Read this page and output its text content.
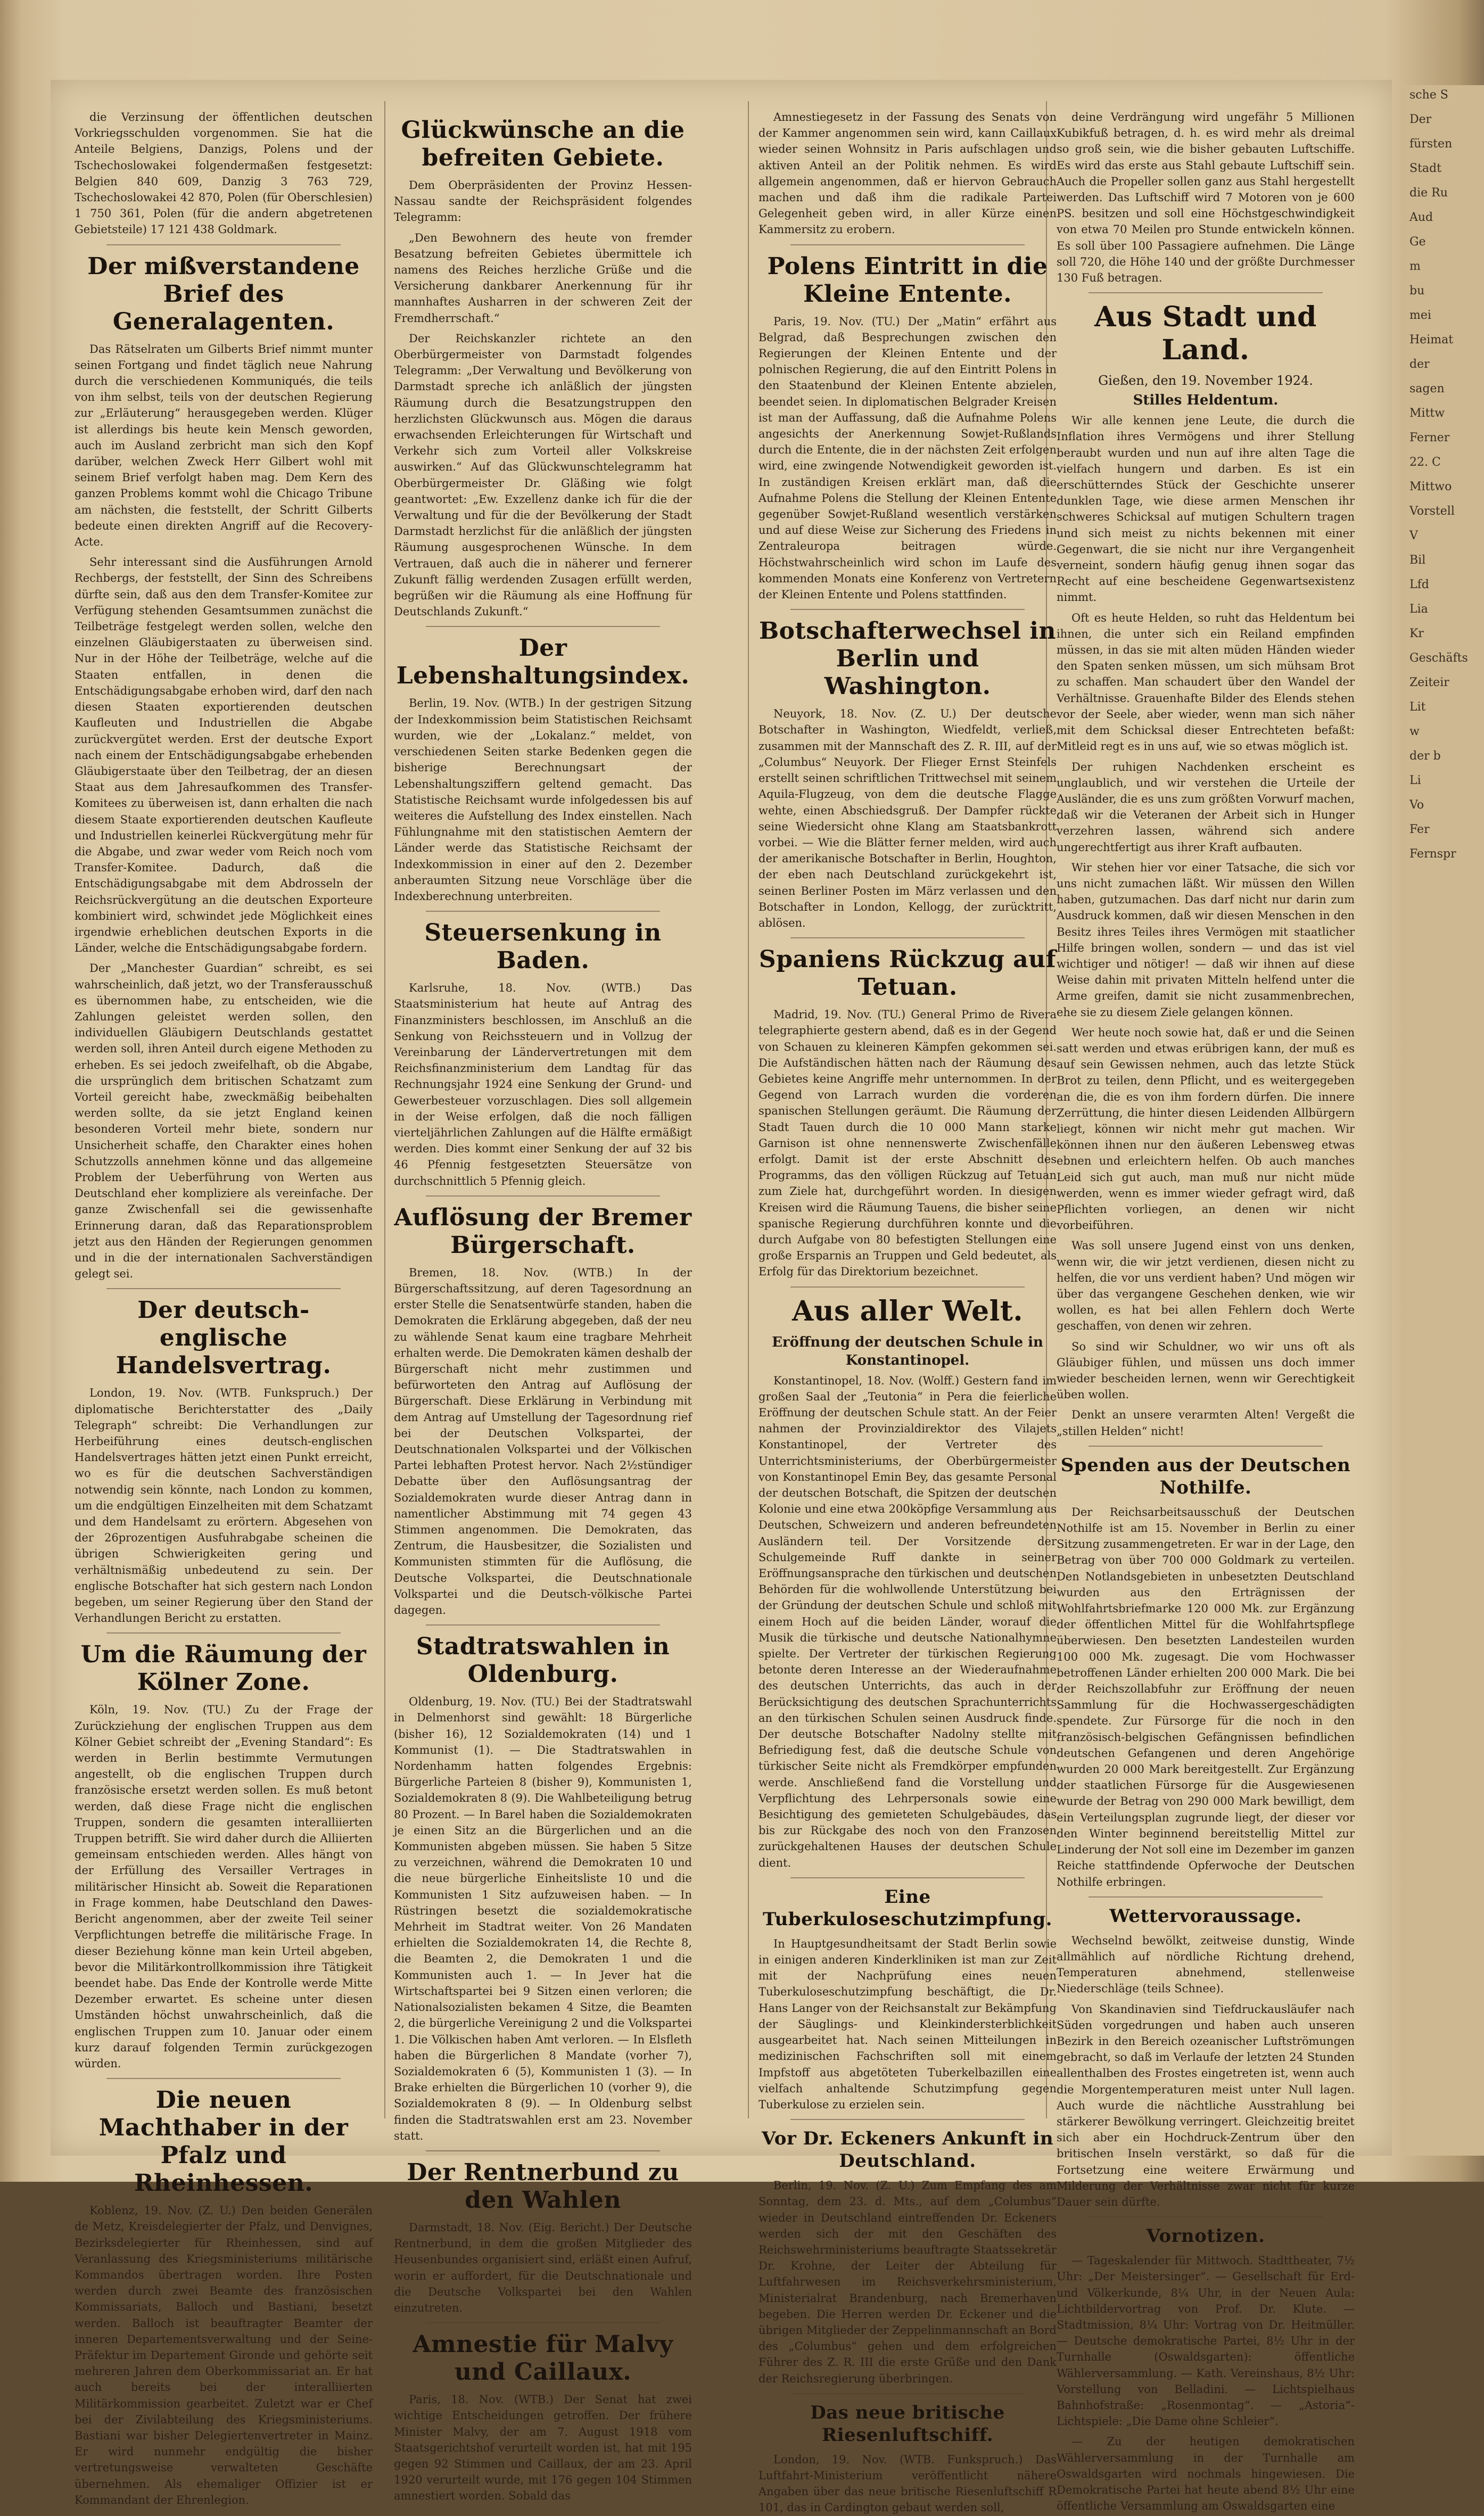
die Verzinsung der öffentlichen deutschen Vorkriegsschulden vorgenommen. Sie hat die Anteile Belgiens, Danzigs, Polens und der Tschechoslowakei folgendermaßen festgesetzt: Belgien 840 609, Danzig 3 763 729, Tschechoslowakei 42 870, Polen (für Oberschlesien) 1 750 361, Polen (für die andern abgetretenen Gebietsteile) 17 121 438 Goldmark.

Der mißverstandene Brief des Generalagenten.

Das Rätselraten um Gilberts Brief nimmt munter seinen Fortgang und findet täglich neue Nahrung durch die verschiedenen Kommuniqués, die teils von ihm selbst, teils von der deutschen Regierung zur „Erläuterung“ herausgegeben werden. Klüger ist allerdings bis heute kein Mensch geworden, auch im Ausland zerbricht man sich den Kopf darüber, welchen Zweck Herr Gilbert wohl mit seinem Brief verfolgt haben mag. Dem Kern des ganzen Problems kommt wohl die Chicago Tribune am nächsten, die feststellt, der Schritt Gilberts bedeute einen direkten Angriff auf die Recovery-Acte.

Sehr interessant sind die Ausführungen Arnold Rechbergs, der feststellt, der Sinn des Schreibens dürfte sein, daß aus den dem Transfer-Komitee zur Verfügung stehenden Gesamtsummen zunächst die Teilbeträge festgelegt werden sollen, welche den einzelnen Gläubigerstaaten zu überweisen sind. Nur in der Höhe der Teilbeträge, welche auf die Staaten entfallen, in denen die Entschädigungsabgabe erhoben wird, darf den nach diesen Staaten exportierenden deutschen Kaufleuten und Industriellen die Abgabe zurückvergütet werden. Erst der deutsche Export nach einem der Entschädigungsabgabe erhebenden Gläubigerstaate über den Teilbetrag, der an diesen Staat aus dem Jahresaufkommen des Transfer-Komitees zu überweisen ist, dann erhalten die nach diesem Staate exportierenden deutschen Kaufleute und Industriellen keinerlei Rückvergütung mehr für die Abgabe, und zwar weder vom Reich noch vom Transfer-Komitee. Dadurch, daß die Entschädigungsabgabe mit dem Abdrosseln der Reichsrückvergütung an die deutschen Exporteure kombiniert wird, schwindet jede Möglichkeit eines irgendwie erheblichen deutschen Exports in die Länder, welche die Entschädigungsabgabe fordern.

Der „Manchester Guardian“ schreibt, es sei wahrscheinlich, daß jetzt, wo der Transferausschuß es übernommen habe, zu entscheiden, wie die Zahlungen geleistet werden sollen, den individuellen Gläubigern Deutschlands gestattet werden soll, ihren Anteil durch eigene Methoden zu erheben. Es sei jedoch zweifelhaft, ob die Abgabe, die ursprünglich dem britischen Schatzamt zum Vorteil gereicht habe, zweckmäßig beibehalten werden sollte, da sie jetzt England keinen besonderen Vorteil mehr biete, sondern nur Unsicherheit schaffe, den Charakter eines hohen Schutzzolls annehmen könne und das allgemeine Problem der Ueberführung von Werten aus Deutschland eher kompliziere als vereinfache. Der ganze Zwischenfall sei die gewissenhafte Erinnerung daran, daß das Reparationsproblem jetzt aus den Händen der Regierungen genommen und in die der internationalen Sachverständigen gelegt sei.

Der deutsch-englische Handelsvertrag.

London, 19. Nov. (WTB. Funkspruch.) Der diplomatische Berichterstatter des „Daily Telegraph“ schreibt: Die Verhandlungen zur Herbeiführung eines deutsch-englischen Handelsvertrages hätten jetzt einen Punkt erreicht, wo es für die deutschen Sachverständigen notwendig sein könnte, nach London zu kommen, um die endgültigen Einzelheiten mit dem Schatzamt und dem Handelsamt zu erörtern. Abgesehen von der 26prozentigen Ausfuhrabgabe scheinen die übrigen Schwierigkeiten gering und verhältnismäßig unbedeutend zu sein. Der englische Botschafter hat sich gestern nach London begeben, um seiner Regierung über den Stand der Verhandlungen Bericht zu erstatten.

Um die Räumung der Kölner Zone.

Köln, 19. Nov. (TU.) Zu der Frage der Zurückziehung der englischen Truppen aus dem Kölner Gebiet schreibt der „Evening Standard“: Es werden in Berlin bestimmte Vermutungen angestellt, ob die englischen Truppen durch französische ersetzt werden sollen. Es muß betont werden, daß diese Frage nicht die englischen Truppen, sondern die gesamten interalliierten Truppen betrifft. Sie wird daher durch die Alliierten gemeinsam entschieden werden. Alles hängt von der Erfüllung des Versailler Vertrages in militärischer Hinsicht ab. Soweit die Reparationen in Frage kommen, habe Deutschland den Dawes-Bericht angenommen, aber der zweite Teil seiner Verpflichtungen betreffe die militärische Frage. In dieser Beziehung könne man kein Urteil abgeben, bevor die Militärkontrollkommission ihre Tätigkeit beendet habe. Das Ende der Kontrolle werde Mitte Dezember erwartet. Es scheine unter diesen Umständen höchst unwahrscheinlich, daß die englischen Truppen zum 10. Januar oder einem kurz darauf folgenden Termin zurückgezogen würden.

Die neuen Machthaber in der Pfalz und Rheinhessen.

Koblenz, 19. Nov. (Z. U.) Den beiden Generälen de Metz, Kreisdelegierter der Pfalz, und Denvignes, Bezirksdelegierter für Rheinhessen, sind auf Veranlassung des Kriegsministeriums militärische Kommandos übertragen worden. Ihre Posten werden durch zwei Beamte des französischen Kommissariats, Balloch und Bastiani, besetzt werden. Balloch ist beauftragter Beamter der inneren Departementsverwaltung und der Seine-Präfektur im Departement Gironde und gehörte seit mehreren Jahren dem Oberkommissariat an. Er hat auch bereits bei der interalliierten Militärkommission gearbeitet. Zuletzt war er Chef bei der Zivilabteilung des Kriegsministeriums. Bastiani war bisher Delegiertenvertreter in Mainz. Er wird nunmehr endgültig die bisher vertretungsweise verwalteten Geschäfte übernehmen. Als ehemaliger Offizier ist er Kommandant der Ehrenlegion.

Glückwünsche an die befreiten Gebiete.

Dem Oberpräsidenten der Provinz Hessen-Nassau sandte der Reichspräsident folgendes Telegramm:

„Den Bewohnern des heute von fremder Besatzung befreiten Gebietes übermittele ich namens des Reiches herzliche Grüße und die Versicherung dankbarer Anerkennung für ihr mannhaftes Ausharren in der schweren Zeit der Fremdherrschaft.“

Der Reichskanzler richtete an den Oberbürgermeister von Darmstadt folgendes Telegramm: „Der Verwaltung und Bevölkerung von Darmstadt spreche ich anläßlich der jüngsten Räumung durch die Besatzungstruppen den herzlichsten Glückwunsch aus. Mögen die daraus erwachsenden Erleichterungen für Wirtschaft und Verkehr sich zum Vorteil aller Volkskreise auswirken.“ Auf das Glückwunschtelegramm hat Oberbürgermeister Dr. Gläßing wie folgt geantwortet: „Ew. Exzellenz danke ich für die der Verwaltung und für die der Bevölkerung der Stadt Darmstadt herzlichst für die anläßlich der jüngsten Räumung ausgesprochenen Wünsche. In dem Vertrauen, daß auch die in näherer und fernerer Zukunft fällig werdenden Zusagen erfüllt werden, begrüßen wir die Räumung als eine Hoffnung für Deutschlands Zukunft.“

Der Lebenshaltungsindex.

Berlin, 19. Nov. (WTB.) In der gestrigen Sitzung der Indexkommission beim Statistischen Reichsamt wurden, wie der „Lokalanz.“ meldet, von verschiedenen Seiten starke Bedenken gegen die bisherige Berechnungsart der Lebenshaltungsziffern geltend gemacht. Das Statistische Reichsamt wurde infolgedessen bis auf weiteres die Aufstellung des Index einstellen. Nach Fühlungnahme mit den statistischen Aemtern der Länder werde das Statistische Reichsamt der Indexkommission in einer auf den 2. Dezember anberaumten Sitzung neue Vorschläge über die Indexberechnung unterbreiten.

Steuersenkung in Baden.

Karlsruhe, 18. Nov. (WTB.) Das Staatsministerium hat heute auf Antrag des Finanzministers beschlossen, im Anschluß an die Senkung von Reichssteuern und in Vollzug der Vereinbarung der Ländervertretungen mit dem Reichsfinanzministerium dem Landtag für das Rechnungsjahr 1924 eine Senkung der Grund- und Gewerbesteuer vorzuschlagen. Dies soll allgemein in der Weise erfolgen, daß die noch fälligen vierteljährlichen Zahlungen auf die Hälfte ermäßigt werden. Dies kommt einer Senkung der auf 32 bis 46 Pfennig festgesetzten Steuersätze von durchschnittlich 5 Pfennig gleich.

Auflösung der Bremer Bürgerschaft.

Bremen, 18. Nov. (WTB.) In der Bürgerschaftssitzung, auf deren Tagesordnung an erster Stelle die Senatsentwürfe standen, haben die Demokraten die Erklärung abgegeben, daß der neu zu wählende Senat kaum eine tragbare Mehrheit erhalten werde. Die Demokraten kämen deshalb der Bürgerschaft nicht mehr zustimmen und befürworteten den Antrag auf Auflösung der Bürgerschaft. Diese Erklärung in Verbindung mit dem Antrag auf Umstellung der Tagesordnung rief bei der Deutschen Volkspartei, der Deutschnationalen Volkspartei und der Völkischen Partei lebhaften Protest hervor. Nach 2½stündiger Debatte über den Auflösungsantrag der Sozialdemokraten wurde dieser Antrag dann in namentlicher Abstimmung mit 74 gegen 43 Stimmen angenommen. Die Demokraten, das Zentrum, die Hausbesitzer, die Sozialisten und Kommunisten stimmten für die Auflösung, die Deutsche Volkspartei, die Deutschnationale Volkspartei und die Deutsch-völkische Partei dagegen.

Stadtratswahlen in Oldenburg.

Oldenburg, 19. Nov. (TU.) Bei der Stadtratswahl in Delmenhorst sind gewählt: 18 Bürgerliche (bisher 16), 12 Sozialdemokraten (14) und 1 Kommunist (1). — Die Stadtratswahlen in Nordenhamm hatten folgendes Ergebnis: Bürgerliche Parteien 8 (bisher 9), Kommunisten 1, Sozialdemokraten 8 (9). Die Wahlbeteiligung betrug 80 Prozent. — In Barel haben die Sozialdemokraten je einen Sitz an die Bürgerlichen und an die Kommunisten abgeben müssen. Sie haben 5 Sitze zu verzeichnen, während die Demokraten 10 und die neue bürgerliche Einheitsliste 10 und die Kommunisten 1 Sitz aufzuweisen haben. — In Rüstringen besetzt die sozialdemokratische Mehrheit im Stadtrat weiter. Von 26 Mandaten erhielten die Sozialdemokraten 14, die Rechte 8, die Beamten 2, die Demokraten 1 und die Kommunisten auch 1. — In Jever hat die Wirtschaftspartei bei 9 Sitzen einen verloren; die Nationalsozialisten bekamen 4 Sitze, die Beamten 2, die bürgerliche Vereinigung 2 und die Volkspartei 1. Die Völkischen haben Amt verloren. — In Elsfleth haben die Bürgerlichen 8 Mandate (vorher 7), Sozialdemokraten 6 (5), Kommunisten 1 (3). — In Brake erhielten die Bürgerlichen 10 (vorher 9), die Sozialdemokraten 8 (9). — In Oldenburg selbst finden die Stadtratswahlen erst am 23. November statt.

Der Rentnerbund zu den Wahlen

Darmstadt, 18. Nov. (Eig. Bericht.) Der Deutsche Rentnerbund, in dem die großen Mitglieder des Heusenbundes organisiert sind, erläßt einen Aufruf, worin er auffordert, für die Deutschnationale und die Deutsche Volkspartei bei den Wahlen einzutreten.

Amnestie für Malvy und Caillaux.

Paris, 18. Nov. (WTB.) Der Senat hat zwei wichtige Entscheidungen getroffen. Der frühere Minister Malvy, der am 7. August 1918 vom Staatsgerichtshof verurteilt worden ist, hat mit 195 gegen 92 Stimmen und Caillaux, der am 23. April 1920 verurteilt wurde, mit 176 gegen 104 Stimmen amnestiert worden. Sobald das

Amnestiegesetz in der Fassung des Senats von der Kammer angenommen sein wird, kann Caillaux wieder seinen Wohnsitz in Paris aufschlagen und aktiven Anteil an der Politik nehmen. Es wird allgemein angenommen, daß er hiervon Gebrauch machen und daß ihm die radikale Partei Gelegenheit geben wird, in aller Kürze einen Kammersitz zu erobern.

Polens Eintritt in die Kleine Entente.

Paris, 19. Nov. (TU.) Der „Matin“ erfährt aus Belgrad, daß Besprechungen zwischen den Regierungen der Kleinen Entente und der polnischen Regierung, die auf den Eintritt Polens in den Staatenbund der Kleinen Entente abzielen, beendet seien. In diplomatischen Belgrader Kreisen ist man der Auffassung, daß die Aufnahme Polens angesichts der Anerkennung Sowjet-Rußlands durch die Entente, die in der nächsten Zeit erfolgen wird, eine zwingende Notwendigkeit geworden ist. In zuständigen Kreisen erklärt man, daß die Aufnahme Polens die Stellung der Kleinen Entente gegenüber Sowjet-Rußland wesentlich verstärken und auf diese Weise zur Sicherung des Friedens in Zentraleuropa beitragen würde. Höchstwahrscheinlich wird schon im Laufe des kommenden Monats eine Konferenz von Vertretern der Kleinen Entente und Polens stattfinden.

Botschafterwechsel in Berlin und Washington.

Neuyork, 18. Nov. (Z. U.) Der deutsche Botschafter in Washington, Wiedfeldt, verließ, zusammen mit der Mannschaft des Z. R. III, auf der „Columbus“ Neuyork. Der Flieger Ernst Steinfels erstellt seinen schriftlichen Trittwechsel mit seinem Aquila-Flugzeug, von dem die deutsche Flagge wehte, einen Abschiedsgruß. Der Dampfer rückte seine Wiedersicht ohne Klang am Staatsbankrott vorbei. — Wie die Blätter ferner melden, wird auch der amerikanische Botschafter in Berlin, Houghton, der eben nach Deutschland zurückgekehrt ist, seinen Berliner Posten im März verlassen und den Botschafter in London, Kellogg, der zurücktritt, ablösen.

Spaniens Rückzug auf Tetuan.

Madrid, 19. Nov. (TU.) General Primo de Rivera telegraphierte gestern abend, daß es in der Gegend von Schauen zu kleineren Kämpfen gekommen sei. Die Aufständischen hätten nach der Räumung des Gebietes keine Angriffe mehr unternommen. In der Gegend von Larrach wurden die vorderen spanischen Stellungen geräumt. Die Räumung der Stadt Tauen durch die 10 000 Mann starke Garnison ist ohne nennenswerte Zwischenfälle erfolgt. Damit ist der erste Abschnitt des Programms, das den völligen Rückzug auf Tetuan zum Ziele hat, durchgeführt worden. In diesigen Kreisen wird die Räumung Tauens, die bisher seine spanische Regierung durchführen konnte und die durch Aufgabe von 80 befestigten Stellungen eine große Ersparnis an Truppen und Geld bedeutet, als Erfolg für das Direktorium bezeichnet.

Aus aller Welt.
Eröffnung der deutschen Schule in Konstantinopel.

Konstantinopel, 18. Nov. (Wolff.) Gestern fand im großen Saal der „Teutonia“ in Pera die feierliche Eröffnung der deutschen Schule statt. An der Feier nahmen der Provinzialdirektor des Vilajets Konstantinopel, der Vertreter des Unterrichtsministeriums, der Oberbürgermeister von Konstantinopel Emin Bey, das gesamte Personal der deutschen Botschaft, die Spitzen der deutschen Kolonie und eine etwa 200köpfige Versammlung aus Deutschen, Schweizern und anderen befreundeten Ausländern teil. Der Vorsitzende der Schulgemeinde Ruff dankte in seiner Eröffnungsansprache den türkischen und deutschen Behörden für die wohlwollende Unterstützung bei der Gründung der deutschen Schule und schloß mit einem Hoch auf die beiden Länder, worauf die Musik die türkische und deutsche Nationalhymne spielte. Der Vertreter der türkischen Regierung betonte deren Interesse an der Wiederaufnahme des deutschen Unterrichts, das auch in der Berücksichtigung des deutschen Sprachunterrichts an den türkischen Schulen seinen Ausdruck finde. Der deutsche Botschafter Nadolny stellte mit Befriedigung fest, daß die deutsche Schule von türkischer Seite nicht als Fremdkörper empfunden werde. Anschließend fand die Vorstellung und Verpflichtung des Lehrpersonals sowie eine Besichtigung des gemieteten Schulgebäudes, das bis zur Rückgabe des noch von den Franzosen zurückgehaltenen Hauses der deutschen Schule dient.

Eine Tuberkuloseschutzimpfung.

In Hauptgesundheitsamt der Stadt Berlin sowie in einigen anderen Kinderkliniken ist man zur Zeit mit der Nachprüfung eines neuen Tuberkuloseschutzimpfung beschäftigt, die Dr. Hans Langer von der Reichsanstalt zur Bekämpfung der Säuglings- und Kleinkindersterblichkeit ausgearbeitet hat. Nach seinen Mitteilungen in medizinischen Fachschriften soll mit einem Impfstoff aus abgetöteten Tuberkelbazillen eine vielfach anhaltende Schutzimpfung gegen Tuberkulose zu erzielen sein.

Vor Dr. Eckeners Ankunft in Deutschland.

Berlin, 19. Nov. (Z. U.) Zum Empfang des am Sonntag, dem 23. d. Mts., auf dem „Columbus“ wieder in Deutschland eintreffenden Dr. Eckeners werden sich der mit den Geschäften des Reichswehrministeriums beauftragte Staatssekretär Dr. Krohne, der Leiter der Abteilung für Luftfahrwesen im Reichsverkehrsministerium, Ministerialrat Brandenburg, nach Bremerhaven begeben. Die Herren werden Dr. Eckener und die übrigen Mitglieder der Zeppelinmannschaft an Bord des „Columbus“ gehen und dem erfolgreichen Führer des Z. R. III die erste Grüße und den Dank der Reichsregierung überbringen.

Das neue britische Riesenluftschiff.

London, 19. Nov. (WTB. Funkspruch.) Das Luftfahrt-Ministerium veröffentlicht nähere Angaben über das neue britische Riesenluftschiff R 101, das in Cardington gebaut werden soll,

deine Verdrängung wird ungefähr 5 Millionen Kubikfuß betragen, d. h. es wird mehr als dreimal so groß sein, wie die bisher gebauten Luftschiffe. Es wird das erste aus Stahl gebaute Luftschiff sein. Auch die Propeller sollen ganz aus Stahl hergestellt werden. Das Luftschiff wird 7 Motoren von je 600 PS. besitzen und soll eine Höchstgeschwindigkeit von etwa 70 Meilen pro Stunde entwickeln können. Es soll über 100 Passagiere aufnehmen. Die Länge soll 720, die Höhe 140 und der größte Durchmesser 130 Fuß betragen.

Aus Stadt und Land.
Gießen, den 19. November 1924.
Stilles Heldentum.

Wir alle kennen jene Leute, die durch die Inflation ihres Vermögens und ihrer Stellung beraubt wurden und nun auf ihre alten Tage die vielfach hungern und darben. Es ist ein erschütterndes Stück der Geschichte unserer dunklen Tage, wie diese armen Menschen ihr schweres Schicksal auf mutigen Schultern tragen und sich meist zu nichts bekennen mit einer Gegenwart, die sie nicht nur ihre Vergangenheit verneint, sondern häufig genug ihnen sogar das Recht auf eine bescheidene Gegenwartsexistenz nimmt.

Oft es heute Helden, so ruht das Heldentum bei ihnen, die unter sich ein Reiland empfinden müssen, in das sie mit alten müden Händen wieder den Spaten senken müssen, um sich mühsam Brot zu schaffen. Man schaudert über den Wandel der Verhältnisse. Grauenhafte Bilder des Elends stehen vor der Seele, aber wieder, wenn man sich näher mit dem Schicksal dieser Entrechteten befaßt: Mitleid regt es in uns auf, wie so etwas möglich ist.

Der ruhigen Nachdenken erscheint es unglaublich, und wir verstehen die Urteile der Ausländer, die es uns zum größten Vorwurf machen, daß wir die Veteranen der Arbeit sich in Hunger verzehren lassen, während sich andere ungerechtfertigt aus ihrer Kraft aufbauten.

Wir stehen hier vor einer Tatsache, die sich vor uns nicht zumachen läßt. Wir müssen den Willen haben, gutzumachen. Das darf nicht nur darin zum Ausdruck kommen, daß wir diesen Menschen in den Besitz ihres Teiles ihres Vermögen mit staatlicher Hilfe bringen wollen, sondern — und das ist viel wichtiger und nötiger! — daß wir ihnen auf diese Weise dahin mit privaten Mitteln helfend unter die Arme greifen, damit sie nicht zusammenbrechen, ehe sie zu diesem Ziele gelangen können.

Wer heute noch sowie hat, daß er und die Seinen satt werden und etwas erübrigen kann, der muß es auf sein Gewissen nehmen, auch das letzte Stück Brot zu teilen, denn Pflicht, und es weitergegeben an die, die es von ihm fordern dürfen. Die innere Zerrüttung, die hinter diesen Leidenden Allbürgern liegt, können wir nicht mehr gut machen. Wir können ihnen nur den äußeren Lebensweg etwas ebnen und erleichtern helfen. Ob auch manches Leid sich gut auch, man muß nur nicht müde werden, wenn es immer wieder gefragt wird, daß Pflichten vorliegen, an denen wir nicht vorbeiführen.

Was soll unsere Jugend einst von uns denken, wenn wir, die wir jetzt verdienen, diesen nicht zu helfen, die vor uns verdient haben? Und mögen wir über das vergangene Geschehen denken, wie wir wollen, es hat bei allen Fehlern doch Werte geschaffen, von denen wir zehren.

So sind wir Schuldner, wo wir uns oft als Gläubiger fühlen, und müssen uns doch immer wieder bescheiden lernen, wenn wir Gerechtigkeit üben wollen.

Denkt an unsere verarmten Alten! Vergeßt die „stillen Helden“ nicht!

Spenden aus der Deutschen Nothilfe.

Der Reichsarbeitsausschuß der Deutschen Nothilfe ist am 15. November in Berlin zu einer Sitzung zusammengetreten. Er war in der Lage, den Betrag von über 700 000 Goldmark zu verteilen. Den Notlandsgebieten in unbesetzten Deutschland wurden aus den Erträgnissen der Wohlfahrtsbriefmarke 120 000 Mk. zur Ergänzung der öffentlichen Mittel für die Wohlfahrtspflege überwiesen. Den besetzten Landesteilen wurden 100 000 Mk. zugesagt. Die vom Hochwasser betroffenen Länder erhielten 200 000 Mark. Die bei der Reichszollabfuhr zur Eröffnung der neuen Sammlung für die Hochwassergeschädigten spendete. Zur Fürsorge für die noch in den französisch-belgischen Gefängnissen befindlichen deutschen Gefangenen und deren Angehörige wurden 20 000 Mark bereitgestellt. Zur Ergänzung der staatlichen Fürsorge für die Ausgewiesenen wurde der Betrag von 290 000 Mark bewilligt, dem ein Verteilungsplan zugrunde liegt, der dieser vor den Winter beginnend bereitstellig Mittel zur Linderung der Not soll eine im Dezember im ganzen Reiche stattfindende Opferwoche der Deutschen Nothilfe erbringen.

Wettervoraussage.

Wechselnd bewölkt, zeitweise dunstig, Winde allmählich auf nördliche Richtung drehend, Temperaturen abnehmend, stellenweise Niederschläge (teils Schnee).

Von Skandinavien sind Tiefdruckausläufer nach Süden vorgedrungen und haben auch unseren Bezirk in den Bereich ozeanischer Luftströmungen gebracht, so daß im Verlaufe der letzten 24 Stunden allenthalben des Frostes eingetreten ist, wenn auch die Morgentemperaturen meist unter Null lagen. Auch wurde die nächtliche Ausstrahlung bei stärkerer Bewölkung verringert. Gleichzeitig breitet sich aber ein Hochdruck-Zentrum über den britischen Inseln verstärkt, so daß für die Fortsetzung eine weitere Erwärmung und Milderung der Verhältnisse zwar nicht für kurze Dauer sein dürfte.

Vornotizen.

— Tageskalender für Mittwoch. Stadttheater, 7½ Uhr: „Der Meistersinger“. — Gesellschaft für Erd- und Völkerkunde, 8¼ Uhr, in der Neuen Aula: Lichtbildervortrag von Prof. Dr. Klute. — Stadtmission, 8¼ Uhr: Vortrag von Dr. Heitmüller. — Deutsche demokratische Partei, 8½ Uhr in der Turnhalle (Oswaldsgarten): öffentliche Wählerversammlung. — Kath. Vereinshaus, 8½ Uhr: Vorstellung von Belladini. — Lichtspielhaus Bahnhofstraße: „Rosenmontag“. — „Astoria“-Lichtspiele: „Die Dame ohne Schleier“.

— Zu der heutigen demokratischen Wählerversammlung in der Turnhalle am Oswaldsgarten wird nochmals hingewiesen. Die Demokratische Partei hat heute abend 8½ Uhr eine öffentliche Versammlung am Oswaldsgarten eine

sche S

Der

fürsten

Stadt

die Ru

Aud

Ge

m

bu

mei

Heimat

der

sagen

Mittw

Ferner

22. C

Mittwo

Vorstell

V

Bil

Lfd

Lia

Kr

Geschäfts

Zeiteir

Lit

w

der b

Li

Vo

Fer

Fernspr
